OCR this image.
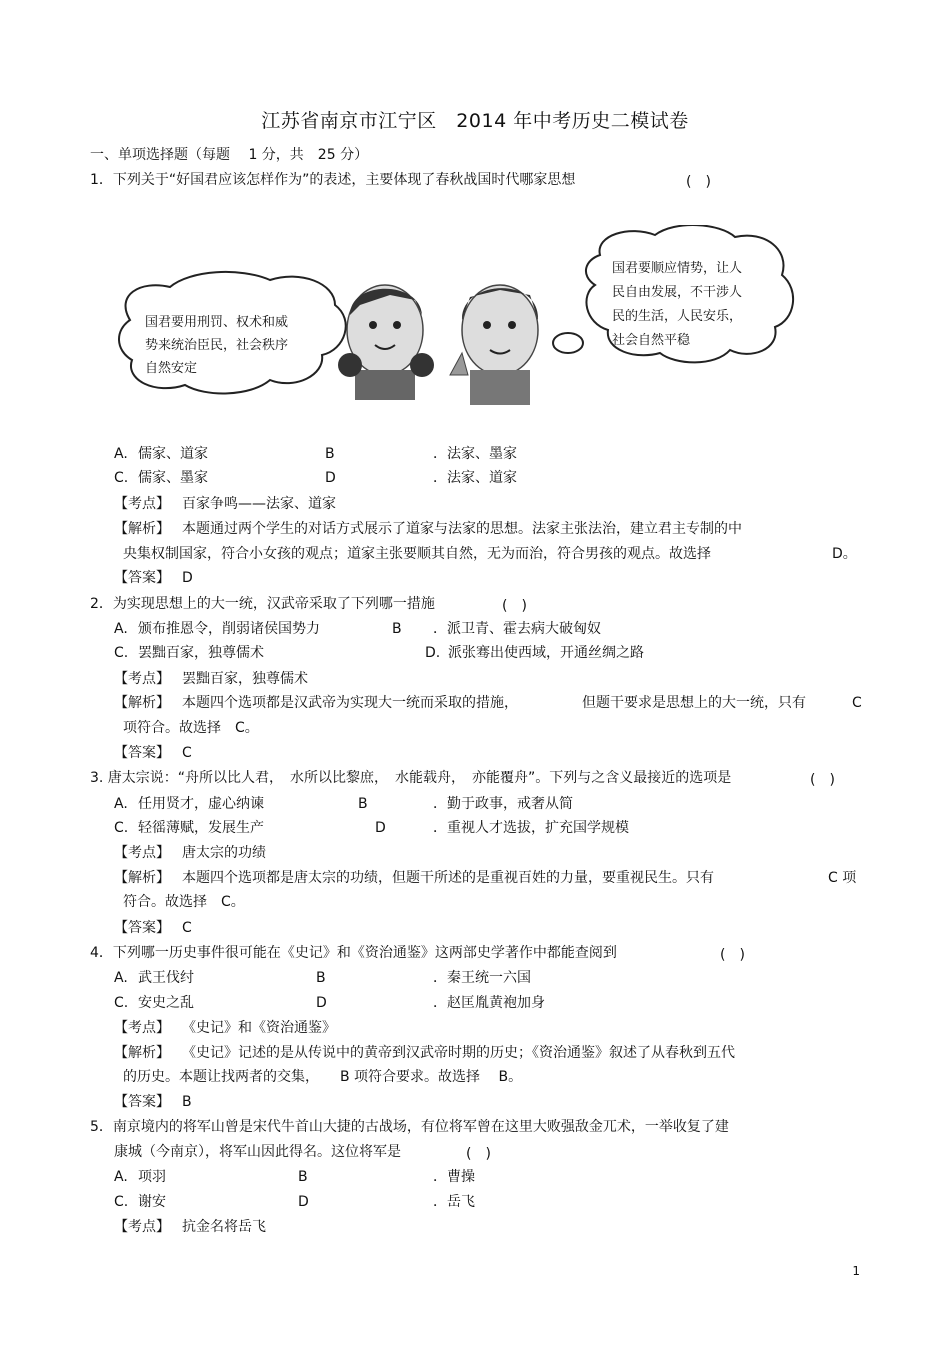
江苏省南京市江宁区　2014 年中考历史二模试卷
一、单项选择题（每题　 1 分，共　25 分）
1．下列关于“好国君应该怎样作为”的表述，主要体现了春秋战国时代哪家思想	(　)
国君要用刑罚、权术和威
势来统治臣民，社会秩序
自然安定
国君要顺应情势，让人
民自由发展，不干涉人
民的生活，人民安乐，
社会自然平稳
A. 儒家、道家	B	．法家、墨家
C. 儒家、墨家	D	．法家、道家
【考点】 百家争鸣——法家、道家
【解析】 本题通过两个学生的对话方式展示了道家与法家的思想。法家主张法治，建立君主专制的中
央集权制国家，符合小女孩的观点；道家主张要顺其自然，无为而治，符合男孩的观点。故选择	D。
【答案】 D
2．为实现思想上的大一统，汉武帝采取了下列哪一措施	(　)
A. 颁布推恩令，削弱诸侯国势力	B ．派卫青、霍去病大破匈奴
C. 罢黜百家，独尊儒术	D. 派张骞出使西域，开通丝绸之路
【考点】 罢黜百家，独尊儒术
【解析】 本题四个选项都是汉武帝为实现大一统而采取的措施，	但题干要求是思想上的大一统，只有	C
项符合。故选择　C。
【答案】 C
3. 唐太宗说：“舟所以比人君，　水所以比黎庶，　水能载舟，　亦能覆舟”。下列与之含义最接近的选项是	(　)
A. 任用贤才，虚心纳谏	B	．勤于政事，戒奢从简
C. 轻徭薄赋，发展生产	D	．重视人才选拔，扩充国学规模
【考点】 唐太宗的功绩
【解析】 本题四个选项都是唐太宗的功绩，但题干所述的是重视百姓的力量，要重视民生。只有	C 项
符合。故选择　C。
【答案】 C
4．下列哪一历史事件很可能在《史记》和《资治通鉴》这两部史学著作中都能查阅到	(　)
A. 武王伐纣	B	．秦王统一六国
C. 安史之乱	D	．赵匡胤黄袍加身
【考点】 《史记》和《资治通鉴》
【解析】 《史记》记述的是从传说中的黄帝到汉武帝时期的历史；《资治通鉴》叙述了从春秋到五代
的历史。本题让找两者的交集，　　B 项符合要求。故选择　 B。
【答案】 B
5．南京境内的将军山曾是宋代牛首山大捷的古战场，有位将军曾在这里大败强敌金兀术，一举收复了建
康城（今南京），将军山因此得名。这位将军是	(　)
A. 项羽	B	．曹操
C. 谢安	D	．岳飞
【考点】 抗金名将岳飞
1
